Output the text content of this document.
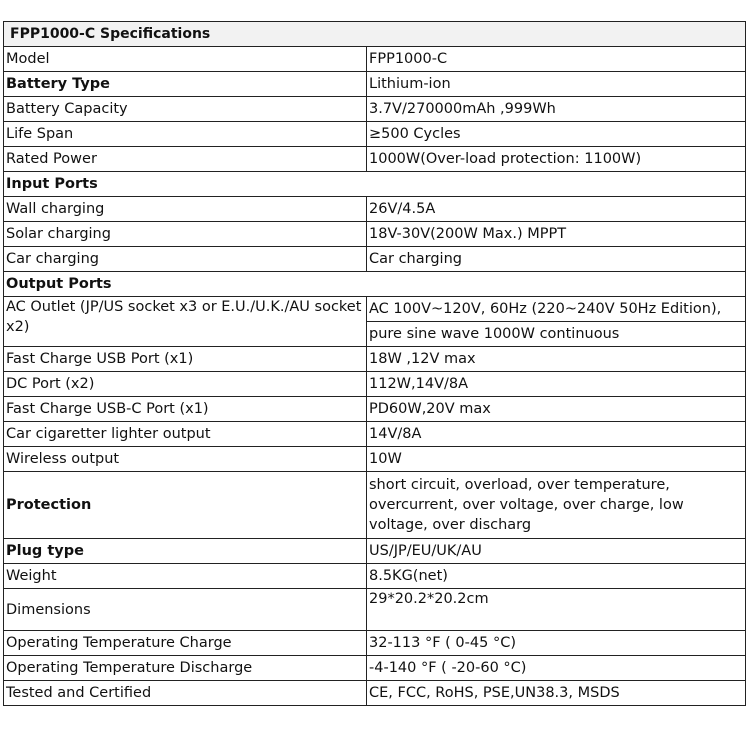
FPP1000-C Specifications	
Model	FPP1000-C
Battery Type	Lithium-ion
Battery Capacity	3.7V/270000mAh ,999Wh
Life Span	≥500 Cycles
Rated Power	1000W(Over-load protection: 1100W)
Input Ports	
Wall charging	26V/4.5A
Solar charging	18V-30V(200W Max.) MPPT
Car charging	Car charging
Output Ports	
AC Outlet (JP/US socket x3 or E.U./U.K./AU socket x2)	AC 100V~120V, 60Hz (220~240V 50Hz Edition),
	pure sine wave 1000W continuous
Fast Charge USB Port (x1)	18W ,12V max
DC Port (x2)	112W,14V/8A
Fast Charge USB-C Port (x1)	PD60W,20V max
Car cigaretter lighter output	14V/8A
Wireless output	10W
Protection	short circuit, overload, over temperature, overcurrent, over voltage, over charge, low voltage, over discharg
Plug type	US/JP/EU/UK/AU
Weight	8.5KG(net)
Dimensions	29*20.2*20.2cm
Operating Temperature Charge	32-113 °F ( 0-45 °C)
Operating Temperature Discharge	-4-140 °F ( -20-60 °C)
Tested and Certified	CE, FCC, RoHS, PSE,UN38.3, MSDS
